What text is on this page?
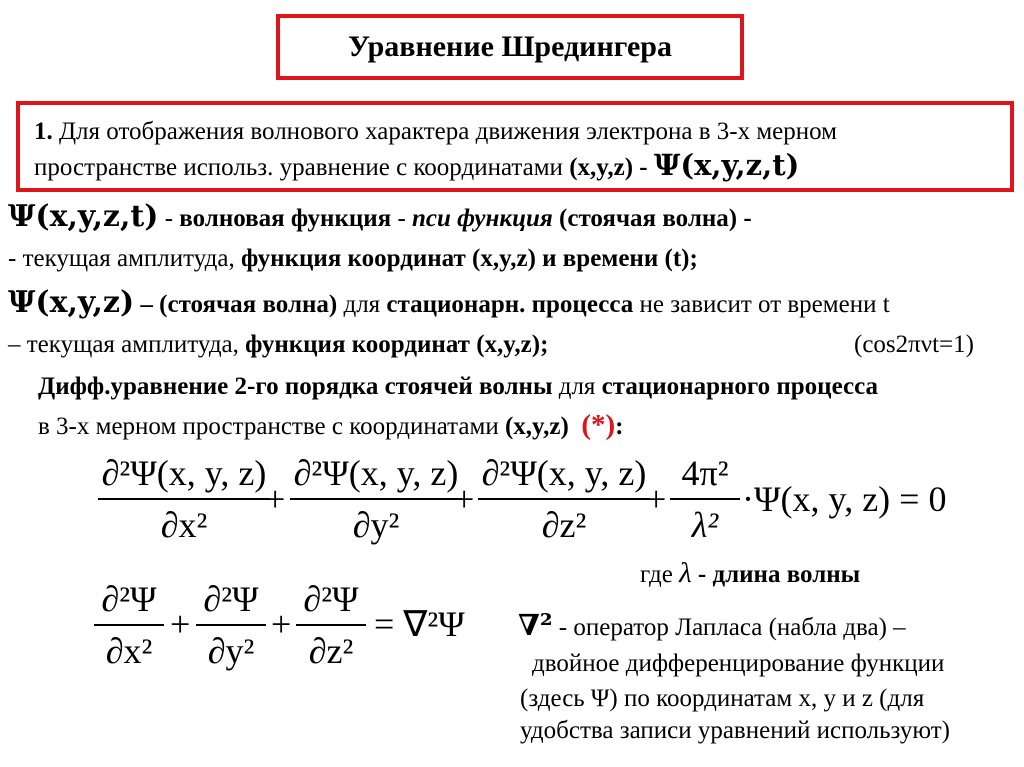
Уравнение Шредингера
1. Для отображения волнового характера движения электрона в 3-х мерном
пространстве использ. уравнение с координатами (x,y,z) - Ψ(x,y,z,t)
Ψ(x,y,z,t) - волновая функция - пси функция (стоячая волна) -
- текущая амплитуда, функция координат (x,y,z) и времени (t);
Ψ(x,y,z) – (стоячая волна) для стационарн. процесса не зависит от времени t
– текущая амплитуда, функция координат (x,y,z);	(cos2πνt=1)
Дифф.уравнение 2-го порядка стоячей волны для стационарного процесса
в 3-х мерном пространстве с координатами (x,y,z) (*):
∂²Ψ(x, y, z)
∂x²
+
∂²Ψ(x, y, z)
∂y²
+
∂²Ψ(x, y, z)
∂z²
+
4π²
λ²
·Ψ(x, y, z) = 0
где λ - длина волны
∂²Ψ
∂x²
+
∂²Ψ
∂y²
+
∂²Ψ
∂z²
= ∇²Ψ ∇² - оператор Лапласа (набла два) –
двойное дифференцирование функции
(здесь Ψ) по координатам x, y и z (для
удобства записи уравнений используют)
